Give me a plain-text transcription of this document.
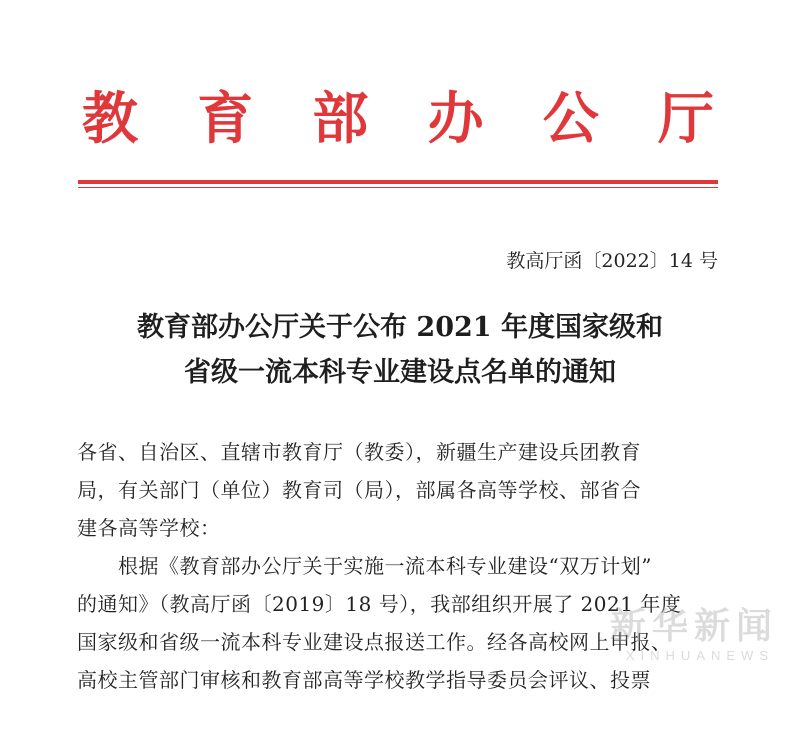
教 育 部 办 公 厅
教高厅函〔2022〕14 号
教育部办公厅关于公布 2021 年度国家级和
省级一流本科专业建设点名单的通知
各省、自治区、直辖市教育厅（教委），新疆生产建设兵团教育
局，有关部门（单位）教育司（局），部属各高等学校、部省合
建各高等学校：
根据《教育部办公厅关于实施一流本科专业建设“双万计划”
的通知》（教高厅函〔2019〕18 号），我部组织开展了 2021 年度
国家级和省级一流本科专业建设点报送工作。经各高校网上申报、
高校主管部门审核和教育部高等学校教学指导委员会评议、投票
新华新闻
XINHUANEWS
